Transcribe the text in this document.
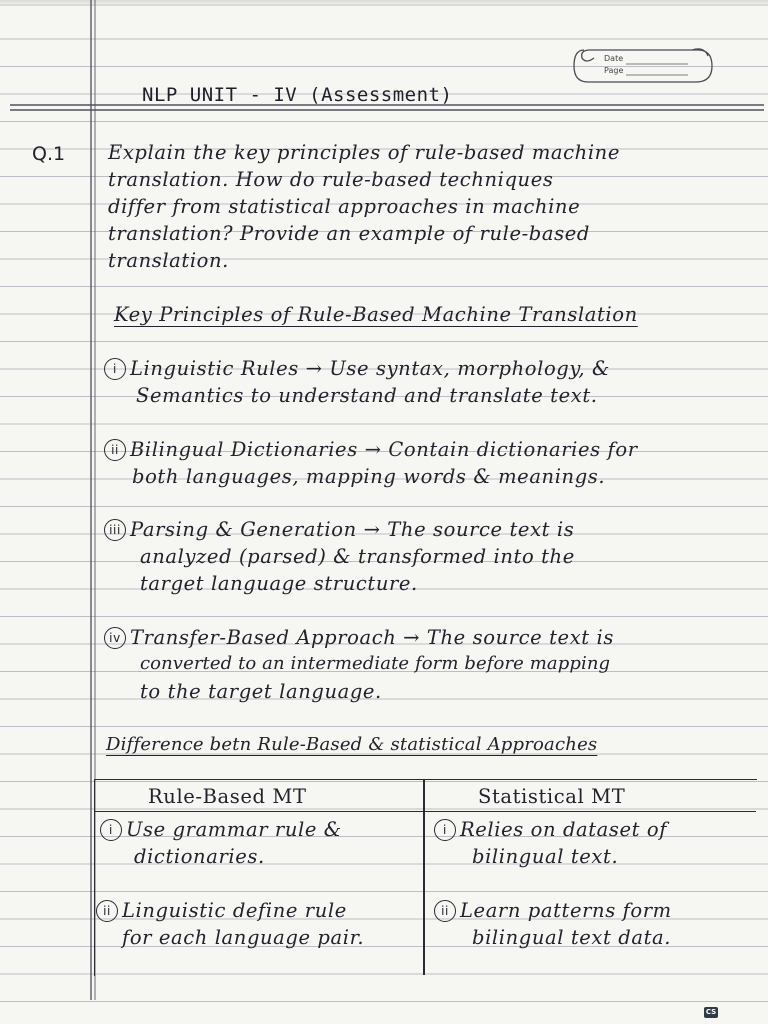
Date
Page
NLP UNIT - IV (Assessment)
Q.1 Explain the key principles of rule-based machine
translation. How do rule-based techniques
differ from statistical approaches in machine
translation? Provide an example of rule-based
translation.
Key Principles of Rule-Based Machine Translation
i Linguistic Rules → Use syntax, morphology, &
Semantics to understand and translate text.
ii Bilingual Dictionaries → Contain dictionaries for
both languages, mapping words & meanings.
iii Parsing & Generation → The source text is
analyzed (parsed) & transformed into the
target language structure.
iv Transfer-Based Approach → The source text is
converted to an intermediate form before mapping
to the target language.
Difference betn Rule-Based & statistical Approaches
Rule-Based MT	Statistical MT
i Use grammar rule &
dictionaries.
i Relies on dataset of
bilingual text.
ii Linguistic define rule
for each language pair.
ii Learn patterns form
bilingual text data.
CS
